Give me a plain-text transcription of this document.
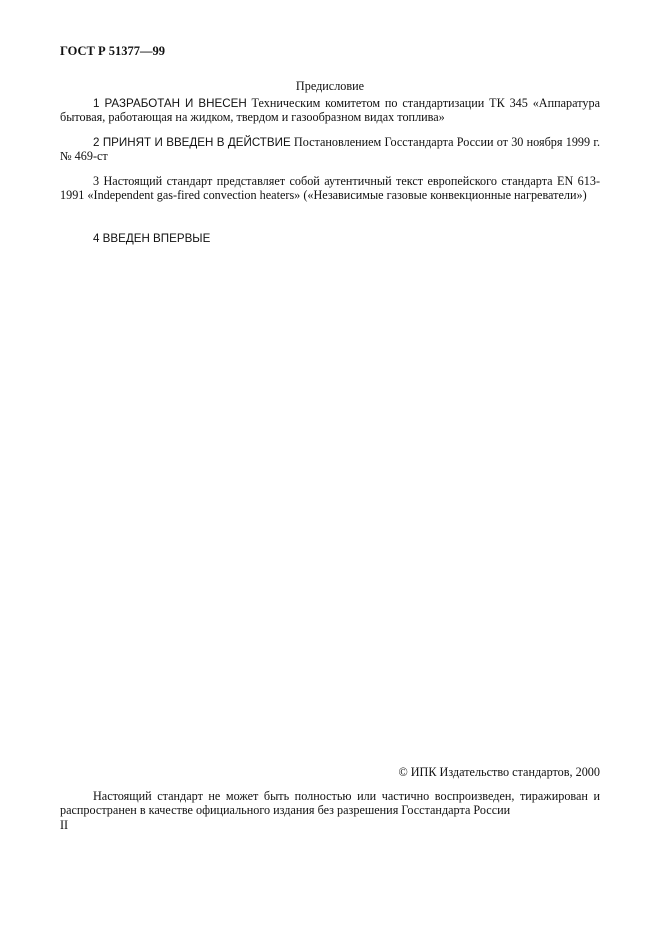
ГОСТ Р 51377—99
Предисловие
1 РАЗРАБОТАН И ВНЕСЕН Техническим комитетом по стандартизации ТК 345 «Аппаратура бытовая, работающая на жидком, твердом и газообразном видах топлива»
2 ПРИНЯТ И ВВЕДЕН В ДЕЙСТВИЕ Постановлением Госстандарта России от 30 ноября 1999 г. № 469-ст
3 Настоящий стандарт представляет собой аутентичный текст европейского стандарта EN 613-1991 «Independent gas-fired convection heaters» («Независимые газовые конвекционные нагреватели»)
4 ВВЕДЕН ВПЕРВЫЕ
© ИПК Издательство стандартов, 2000
Настоящий стандарт не может быть полностью или частично воспроизведен, тиражирован и распространен в качестве официального издания без разрешения Госстандарта России
II
